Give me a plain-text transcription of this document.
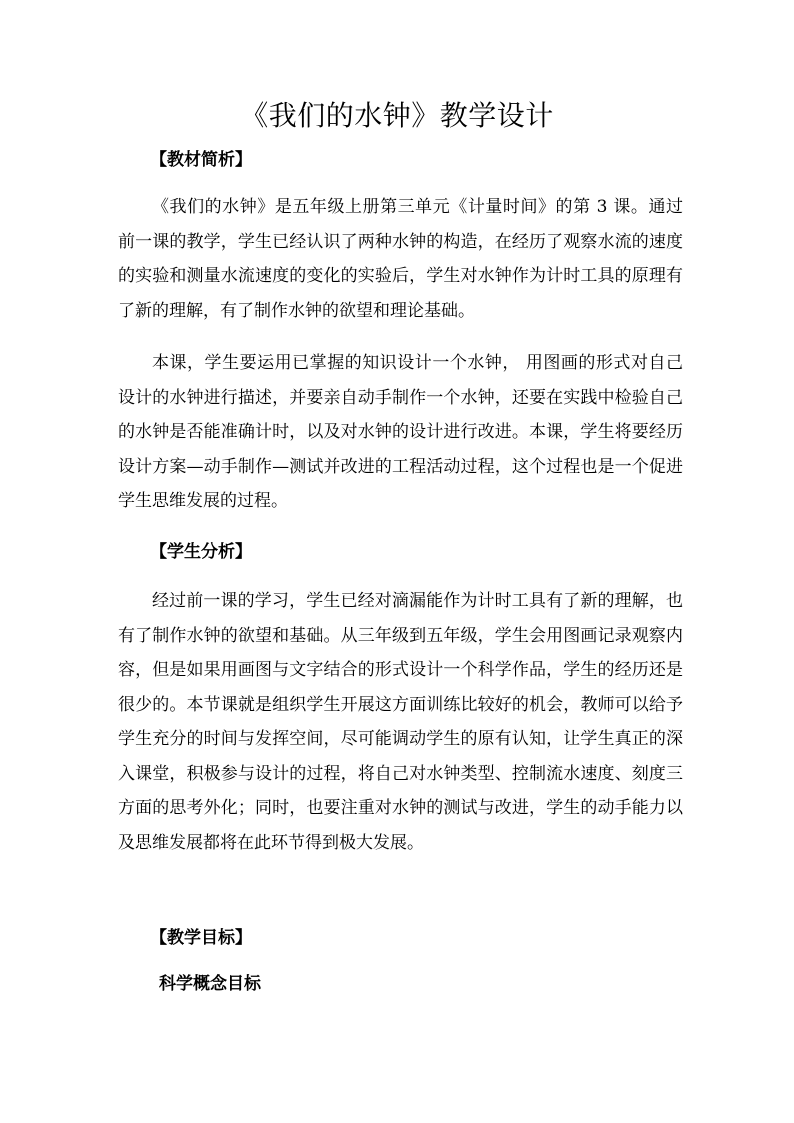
《我们的水钟》教学设计
【教材简析】

《我们的水钟》是五年级上册第三单元《计量时间》的第 3 课。通过前一课的教学，学生已经认识了两种水钟的构造，在经历了观察水流的速度的实验和测量水流速度的变化的实验后，学生对水钟作为计时工具的原理有了新的理解，有了制作水钟的欲望和理论基础。

本课，学生要运用已掌握的知识设计一个水钟， 用图画的形式对自己设计的水钟进行描述，并要亲自动手制作一个水钟，还要在实践中检验自己的水钟是否能准确计时，以及对水钟的设计进行改进。本课，学生将要经历设计方案—动手制作—测试并改进的工程活动过程，这个过程也是一个促进学生思维发展的过程。

【学生分析】

经过前一课的学习，学生已经对滴漏能作为计时工具有了新的理解，也有了制作水钟的欲望和基础。从三年级到五年级，学生会用图画记录观察内容，但是如果用画图与文字结合的形式设计一个科学作品，学生的经历还是很少的。本节课就是组织学生开展这方面训练比较好的机会，教师可以给予学生充分的时间与发挥空间，尽可能调动学生的原有认知，让学生真正的深入课堂，积极参与设计的过程，将自己对水钟类型、控制流水速度、刻度三方面的思考外化；同时，也要注重对水钟的测试与改进，学生的动手能力以及思维发展都将在此环节得到极大发展。

【教学目标】
科学概念目标
